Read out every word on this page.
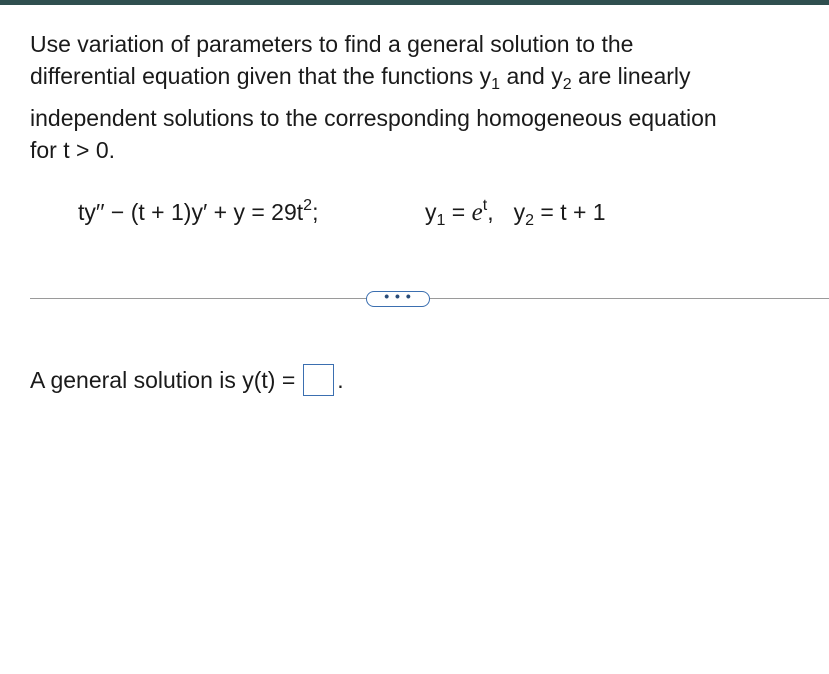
Use variation of parameters to find a general solution to the
differential equation given that the functions $y_1$ and $y_2$ are linearly
independent solutions to the corresponding homogeneous equation
for t > 0.
$ty'' - (t + 1)y' + y = 29t^2$;	$y_1 = e^t$, $y_2 = t + 1$
• • •
A general solution is y(t) = .
